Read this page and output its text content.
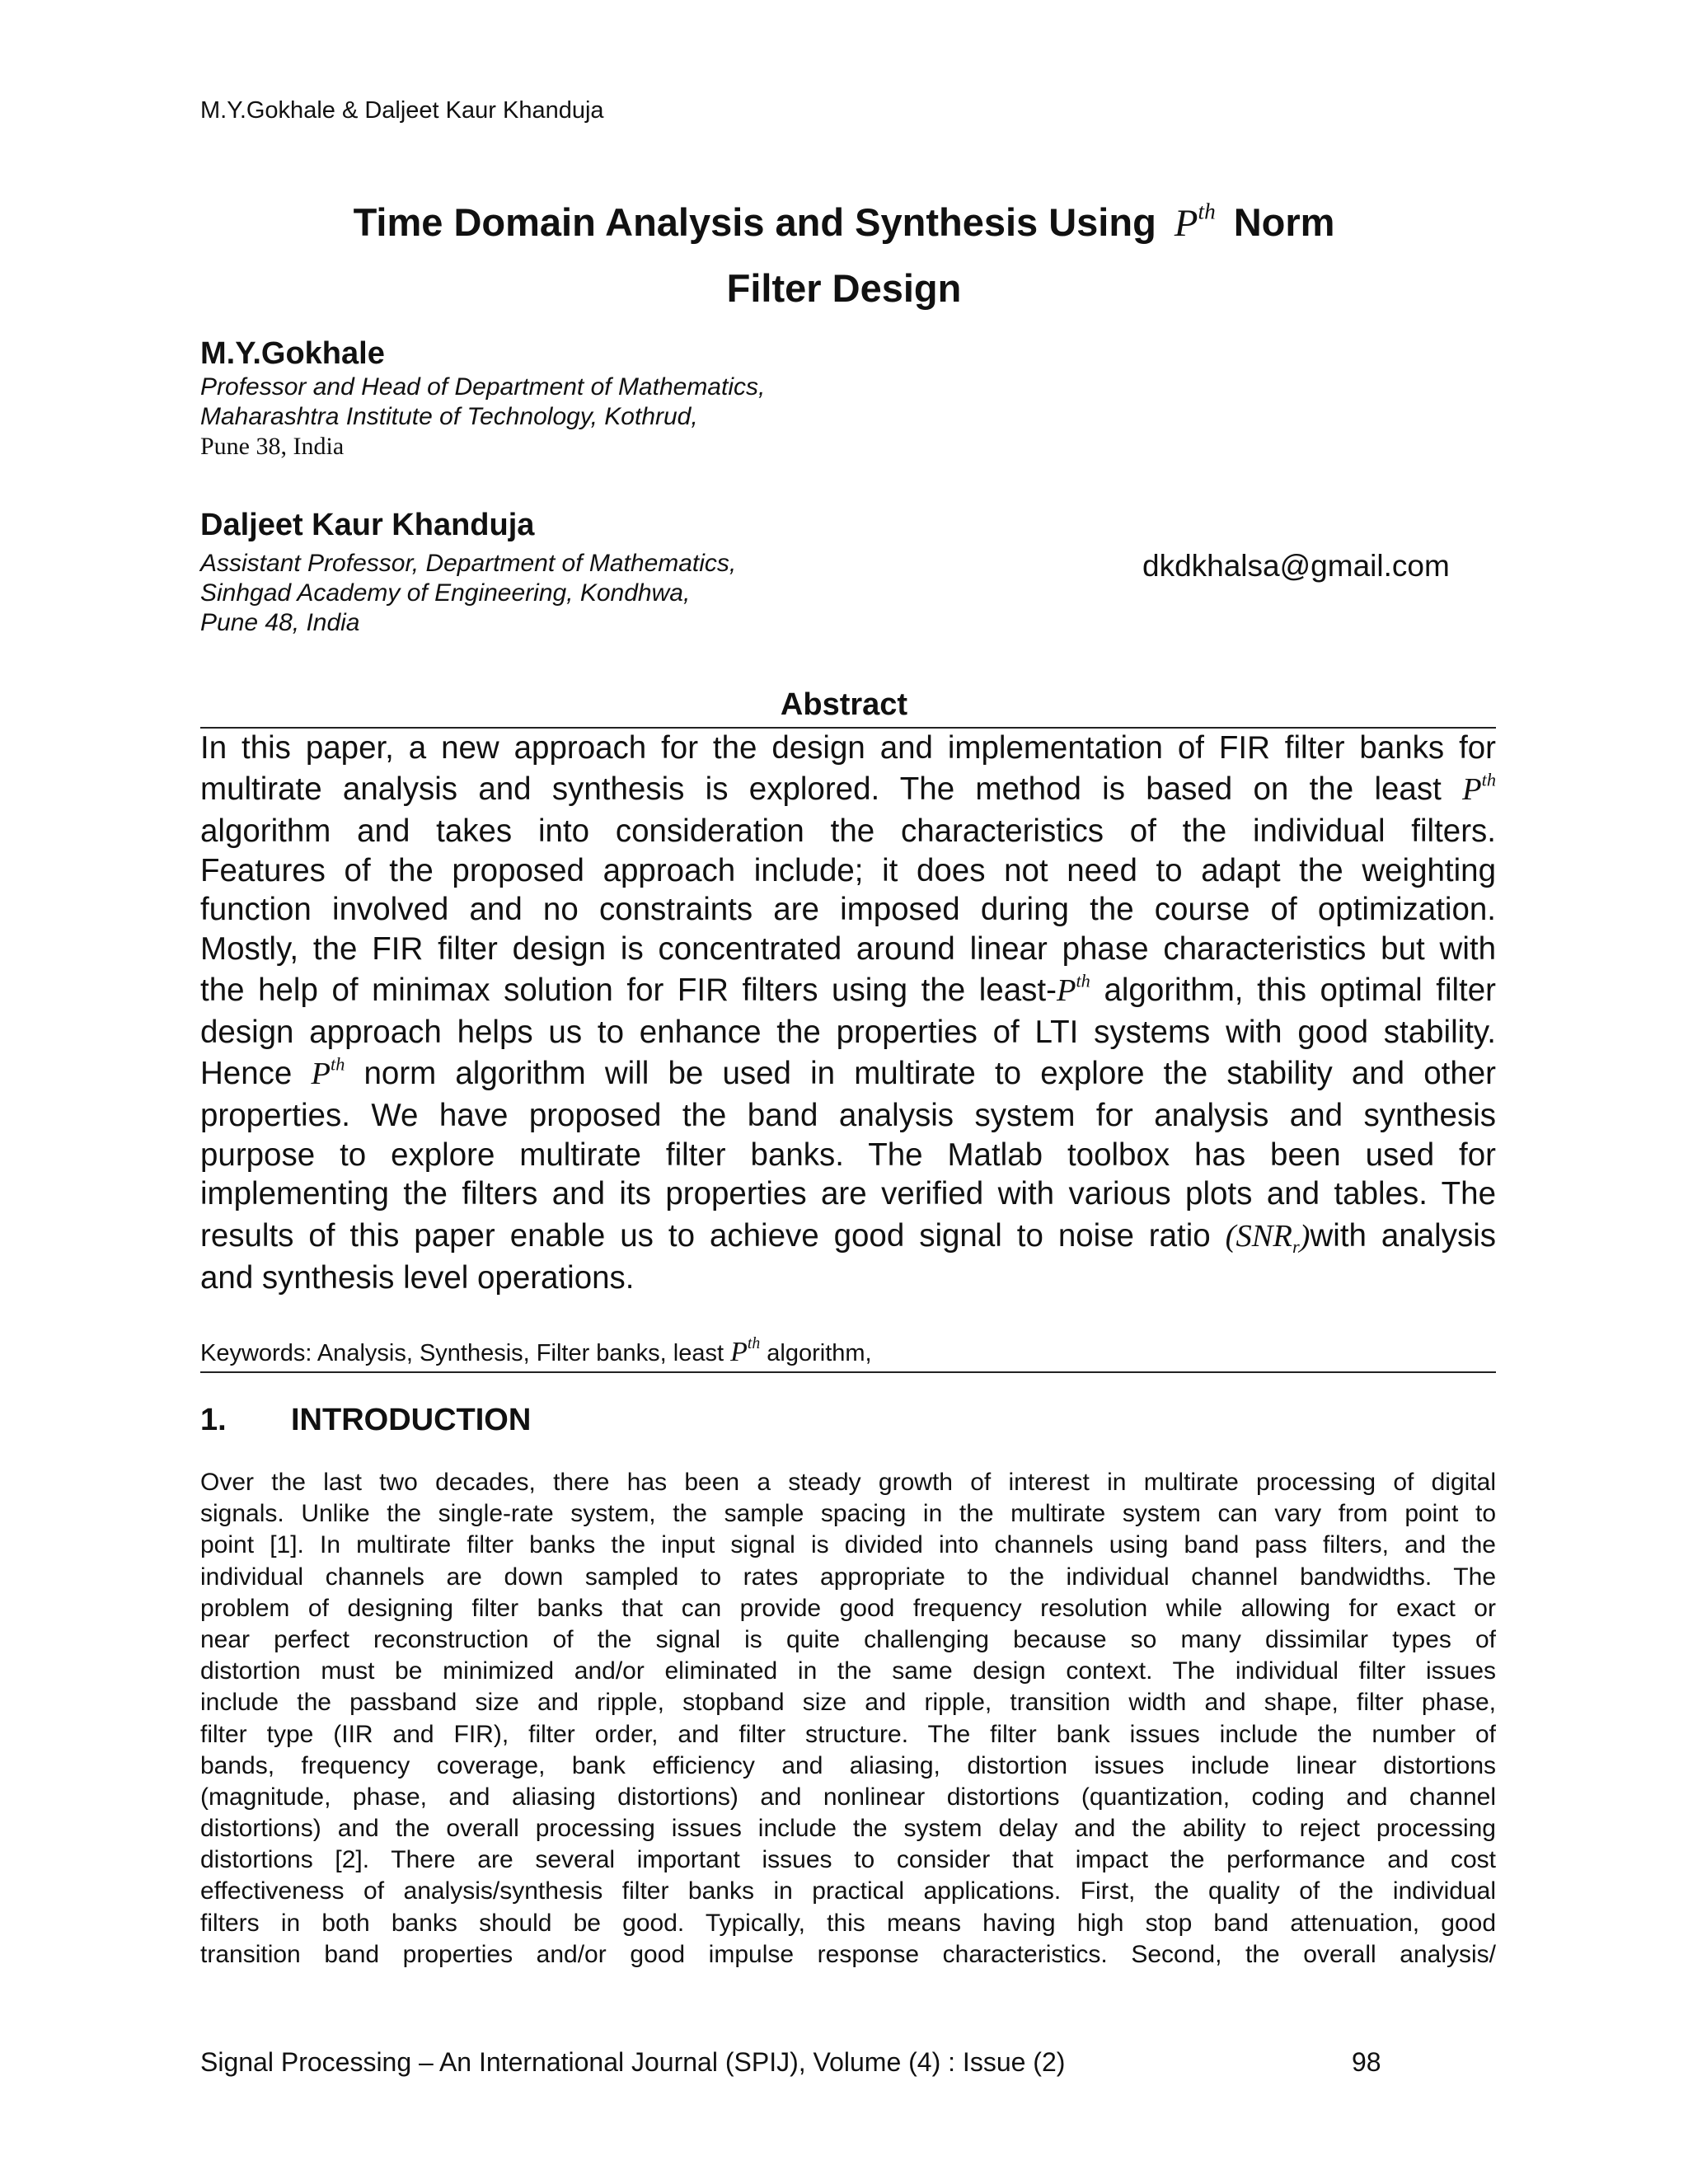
M.Y.Gokhale & Daljeet Kaur Khanduja
Time Domain Analysis and Synthesis Using $P^{th}$ Norm
Filter Design
M.Y.Gokhale
Professor and Head of Department of Mathematics,
Maharashtra Institute of Technology, Kothrud,
Pune 38, India
Daljeet Kaur Khanduja
Assistant Professor, Department of Mathematics,
Sinhgad Academy of Engineering, Kondhwa,
Pune 48, India
dkdkhalsa@gmail.com
Abstract
In this paper, a new approach for the design and implementation of FIR filter banks for
multirate analysis and synthesis is explored. The method is based on the least $P^{th}$
algorithm and takes into consideration the characteristics of the individual filters.
Features of the proposed approach include; it does not need to adapt the weighting
function involved and no constraints are imposed during the course of optimization.
Mostly, the FIR filter design is concentrated around linear phase characteristics but with
the help of minimax solution for FIR filters using the least-$P^{th}$ algorithm, this optimal filter
design approach helps us to enhance the properties of LTI systems with good stability.
Hence $P^{th}$ norm algorithm will be used in multirate to explore the stability and other
properties. We have proposed the band analysis system for analysis and synthesis
purpose to explore multirate filter banks. The Matlab toolbox has been used for
implementing the filters and its properties are verified with various plots and tables. The
results of this paper enable us to achieve good signal to noise ratio $(SNR_r)with$ analysis
and synthesis level operations.
Keywords: Analysis, Synthesis, Filter banks, least $P^{th}$ algorithm,
1. INTRODUCTION
Over the last two decades, there has been a steady growth of interest in multirate processing of digital
signals. Unlike the single-rate system, the sample spacing in the multirate system can vary from point to
point [1]. In multirate filter banks the input signal is divided into channels using band pass filters, and the
individual channels are down sampled to rates appropriate to the individual channel bandwidths. The
problem of designing filter banks that can provide good frequency resolution while allowing for exact or
near perfect reconstruction of the signal is quite challenging because so many dissimilar types of
distortion must be minimized and/or eliminated in the same design context. The individual filter issues
include the passband size and ripple, stopband size and ripple, transition width and shape, filter phase,
filter type (IIR and FIR), filter order, and filter structure. The filter bank issues include the number of
bands, frequency coverage, bank efficiency and aliasing, distortion issues include linear distortions
(magnitude, phase, and aliasing distortions) and nonlinear distortions (quantization, coding and channel
distortions) and the overall processing issues include the system delay and the ability to reject processing
distortions [2]. There are several important issues to consider that impact the performance and cost
effectiveness of analysis/synthesis filter banks in practical applications. First, the quality of the individual
filters in both banks should be good. Typically, this means having high stop band attenuation, good
transition band properties and/or good impulse response characteristics. Second, the overall analysis/
Signal Processing – An International Journal (SPIJ), Volume (4) : Issue (2)	98
